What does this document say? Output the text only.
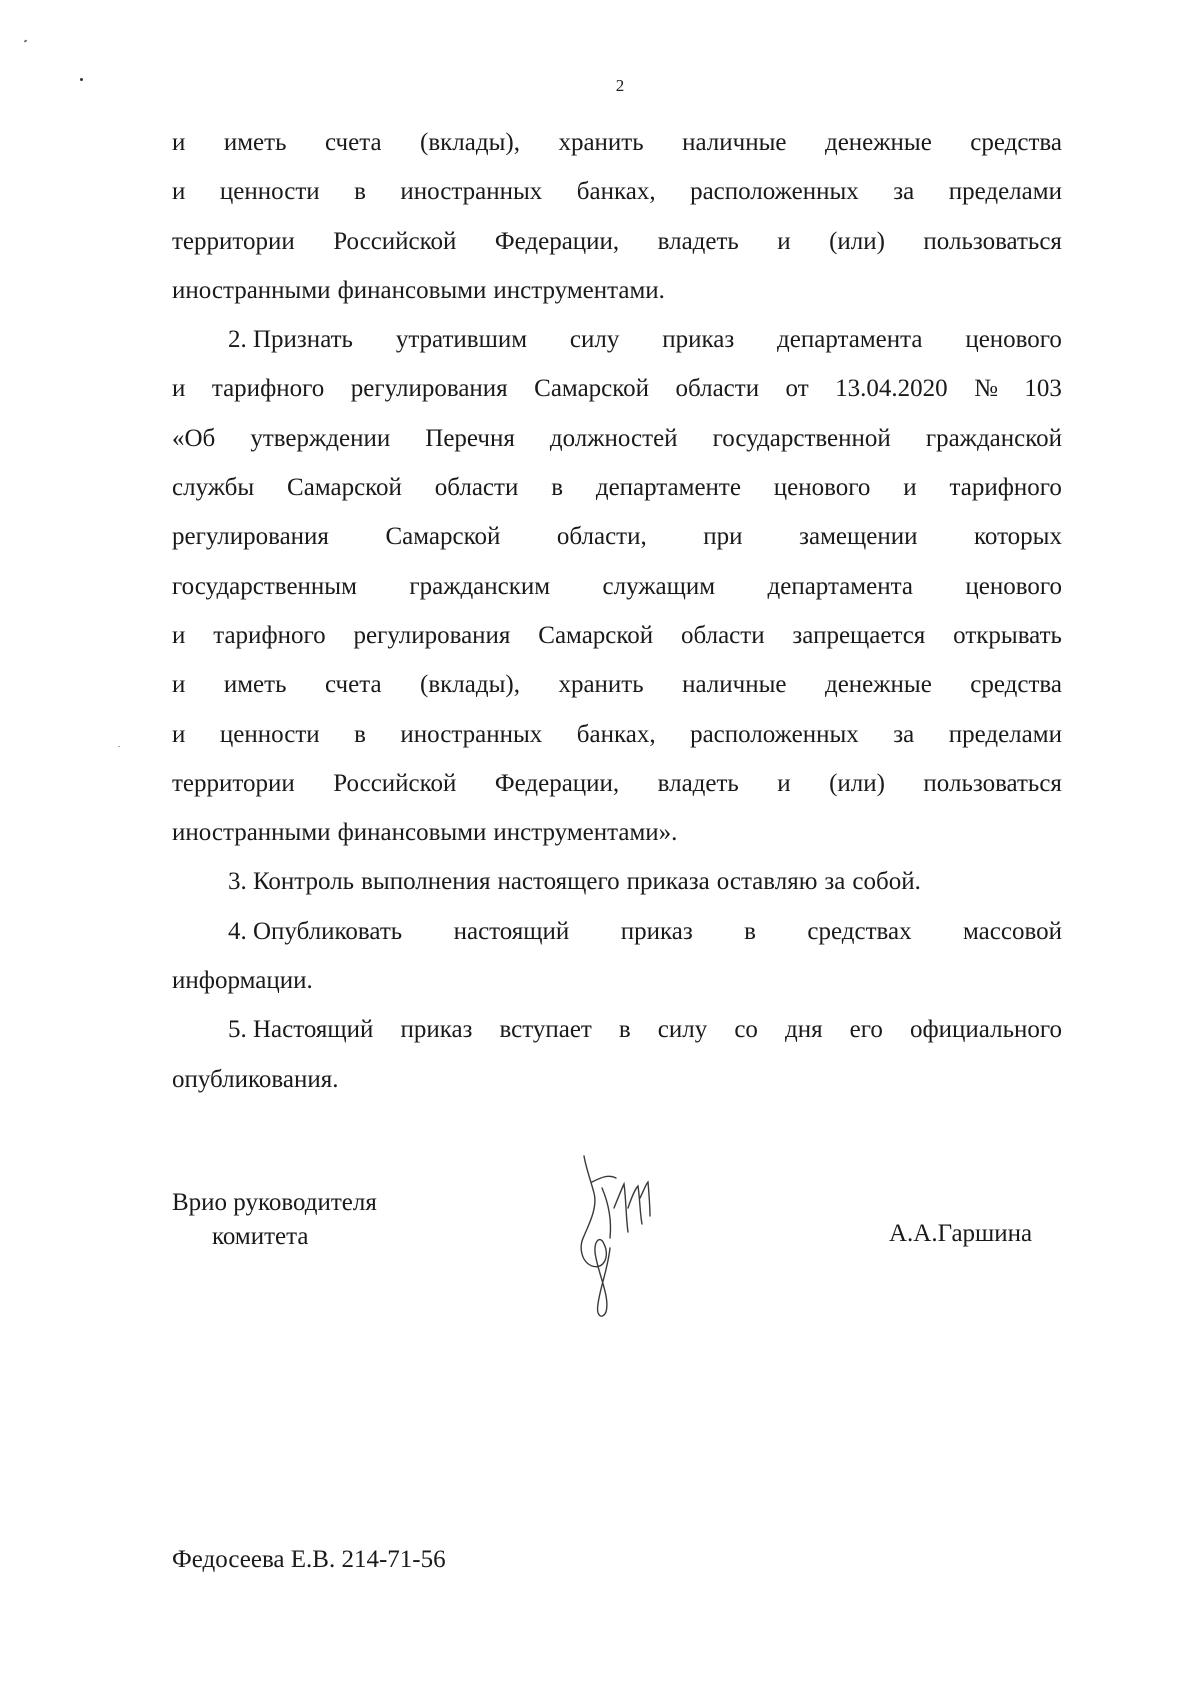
2
и иметь счета (вклады), хранить наличные денежные средства
и ценности в иностранных банках, расположенных за пределами
территории Российской Федерации, владеть и (или) пользоваться
иностранными финансовыми инструментами.
2. Признать утратившим силу приказ департамента ценового
и тарифного регулирования Самарской области от 13.04.2020 № 103
«Об утверждении Перечня должностей государственной гражданской
службы Самарской области в департаменте ценового и тарифного
регулирования Самарской области, при замещении которых
государственным гражданским служащим департамента ценового
и тарифного регулирования Самарской области запрещается открывать
и иметь счета (вклады), хранить наличные денежные средства
и ценности в иностранных банках, расположенных за пределами
территории Российской Федерации, владеть и (или) пользоваться
иностранными финансовыми инструментами».
3. Контроль выполнения настоящего приказа оставляю за собой.
4. Опубликовать настоящий приказ в средствах массовой
информации.
5. Настоящий приказ вступает в силу со дня его официального
опубликования.
Врио руководителя
комитета	А.А.Гаршина
Федосеева Е.В. 214-71-56
